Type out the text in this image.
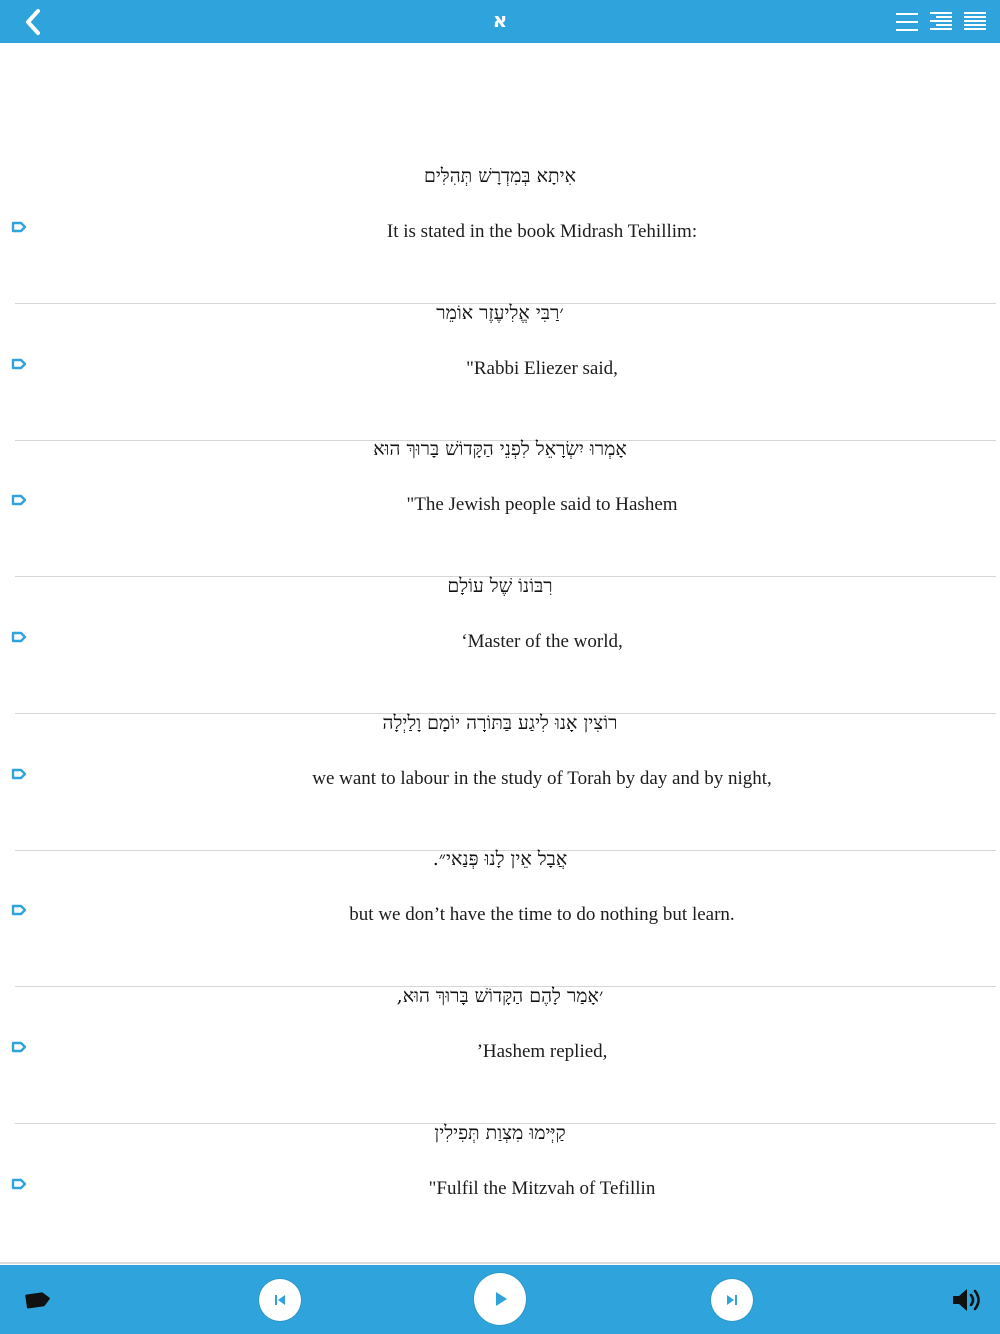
א
אִיתָא בְּמִדְרָשׁ תְּהִלִּים
It is stated in the book Midrash Tehillim:
׳רַבִּי אֱלִיעֶזֶר אוֹמֵר
"Rabbi Eliezer said,
אָמְרוּ יִשְׂרָאֵל לִפְנֵי הַקָּדוֹשׁ בָּרוּךְ הוּא
"The Jewish people said to Hashem
רִבּוֹנוֹ שֶׁל עוֹלָם
‘Master of the world,
רוֹצִין אָנוּ לִיגַע בַּתּוֹרָה יוֹמָם וָלַיְלָה
we want to labour in the study of Torah by day and by night,
אֲבָל אֵין לָנוּ פְּנַאי״.
but we don’t have the time to do nothing but learn.
׳אָמַר לָהֶם הַקָּדוֹשׁ בָּרוּךְ הוּא,
’Hashem replied,
קַיְּימוּ מִצְוַת תְּפִילִין
"Fulfil the Mitzvah of Tefillin
